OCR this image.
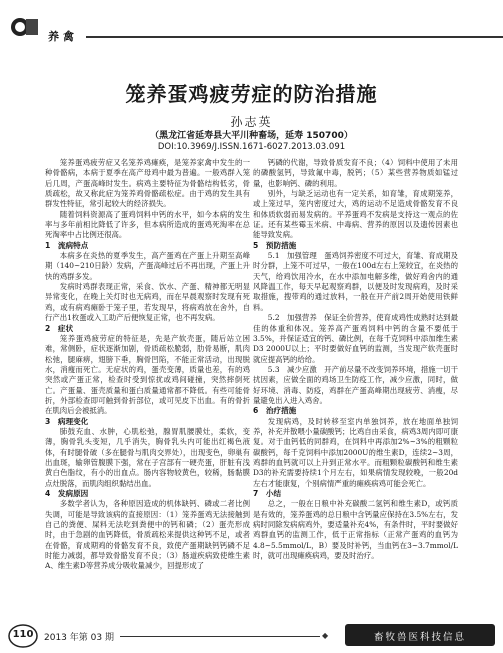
养禽
笼养蛋鸡疲劳症的防治措施
孙志英
（黑龙江省延寿县大平川种畜场，延寿 150700）
DOI:10.3969/J.ISSN.1671-6027.2013.03.091

笼养蛋鸡疲劳症又名笼养鸡瘫痪，是笼养家禽中发生的一种骨骼病，本病于夏季在高产母鸡中最为普遍。一般鸡群入笼后几周，产蛋高峰时发生。病鸡主要特征为骨骼结构低劣，骨质疏松，故又称此症为笼养鸡骨骼疏松症。由于鸡的发生具有群发性特征，常引起较大的经济损失。

随着饲料资源高了蛋鸡饲料中钙的水平，如今本病的发生率与多年前相比降低了许多，但本病所造成的蛋鸡死淘率在总死淘率中占比例还很高。

1　流病特点

本病多在炎热的夏季发生，高产蛋鸡在产蛋上升期至高峰期（140~210日龄）发病，产蛋高峰过后不再出现，产蛋上升快的鸡群多发。

发病时鸡群表现正常，采食、饮水、产蛋、精神都无明显异常变化，在晚上关灯时也无病鸡，而在早晨观察时发现有死鸡，或有病鸡瘫卧于笼子里，若发现早，将病鸡放在舍外，自行产出1枚蛋或入工助产后便恢复正常，也不再发病。

2　症状

笼养蛋鸡疲劳症的特征是，先是产软壳蛋，随后站立困难，常侧卧，症状逐渐加剧，骨质疏松脆弱，肋骨易断，肌肉松弛，腿麻痹，翅膀下垂，胸骨凹陷，不能正常活动，出现脱水，消瘦而死亡。无症状的鸡，蛋壳变薄，质量也差，有的鸡突然或产蛋正常，检查时受到惊扰或鸡间碰撞，突然摔倒死亡。产蛋量、蛋壳质量和蛋白质量通常都不降低。有些可能骨折，外部检查即可触到骨折部位，或可见皮下出血。有的骨折在肌肉后会被抵消。

3　病理变化

肺鼓充血、水肿，心肌松弛，腺胃肌腰膜灶，柔软，变薄，胸骨乳头变短，几乎消失，胸骨乳头内可能出红褐色液体，有时腿骨破（多在腿骨与肌肉交界处），出现变色，卵巢有出血斑，输卵管腹膜下强，常在子宫部有一硬壳蛋，肝脏有浅黄白色脂纹，有小的出血点。肠内容物较黄色，较稀，肠黏膜点灶脱落，而肌肉组织黏结出血。

4　发病原因

多数学者认为，各种原因造成的机体缺钙、磷或二者比例失调，可能是导致该病的直接原因：（1）笼养蛋鸡无法接触到自己的粪便、屎料无法吃到粪便中的钙和磷；（2）蛋壳形成时，由于急剧的血钙降低，骨质疏松来提供这种钙不足，或者在骨骼，育成期鸡的骨骼发育不良，致使产蛋期缺钙钙磷不足时能力减弱，都导致骨骼发育不良；（3）肠道疾病致使维生素A、维生素D等营养成分吸收量减少，回提形成了

钙磷的代谢，导致骨质发育不良；（4）饲料中使用了未用的磷酸氢钙，导致氟中毒，脱钙；（5）某些营养物质如锰过量，也影响钙、磷的利用。

别外，与缺乏运动也有一定关系，如育雏，育成期笼养，或上笼过早，笼内密度过大，鸡的运动不足造成骨骼发育不良和体质软弱而易发病的。平养蛋鸡不发病是支持这一观点的佐证。还有某些霉玉米病、中毒病、营养的原因以及遗传因素也能导致发病。

5　预防措施

5.1　加强管理　蛋鸡饲养密度不可过大，育雏、育成期及时分群，上笼不可过早，一般在100d左右上笼较宜，在炎热的天气，给鸡饮用冷水，在水中添加电解多维，做好鸡舍内的通风降温工作，每天早起观察鸡群，以便及时发现病鸡，及时采取措施，搜带鸡的通过放料，一般在开产前2周开始使用铁鲜料。

5.2　加强营养　保证全价营养，使育成鸡性成熟时达到最佳的体重和体况。笼养高产蛋鸡饲料中钙的含量不要低于3.5%，并保证适宜的钙、磷比例，在每千克饲料中添加维生素D3 2000U以上；平时要做好血钙的监测，当发现产软壳蛋时就应提高钙的给给。

5.3　减少应激　开产前尽量不改变饲养环境，措施一切干扰因素，应做全面的鸡场卫生防疫工作，减少应激，同时，做好环境、消毒、防疫，鸡群在产蛋高峰期出现疲劳、消瘦，尽量避免出入进入鸡舍。

6　治疗措施

发现病鸡，及时转移至室内单独饲养，放在地面单独饲养，补充并散喂小量碳酸钙；比鸡自由采食，病鸡3周内即可康复。对于血钙低的同群鸡，在饲料中再添加2%~3%的粗颗粒碳酸钙，每千克饲料中添加2000U的维生素D，连续2~3周，鸡群的血钙就可以上升到正常水平。而粗颗粒碳酸钙和维生素D3的补充需要持续1个月左右，如果病情发现较晚，一般20d左右才能康复，个别病情严重的瘫痪病鸡可能会死亡。

7　小结

总之，一般在日粮中补充碳酸二氢钙和维生素D，或钙质是有效的，笼养蛋鸡的总日粮中含钙量应保持在3.5%左右，发病时同除发病病鸡外，要适量补充4%，有条件时，平时要做好鸡群血钙的监测工作，低于正常指标（正常产蛋鸡的血钙为4.8~5.5mmol/L，B）要及时补钙，当血钙在3~3.7mmol/L时，就可出现瘫痪病鸡，要及时治疗。

110	2013 年第 03 期	◆	畜牧兽医科技信息
